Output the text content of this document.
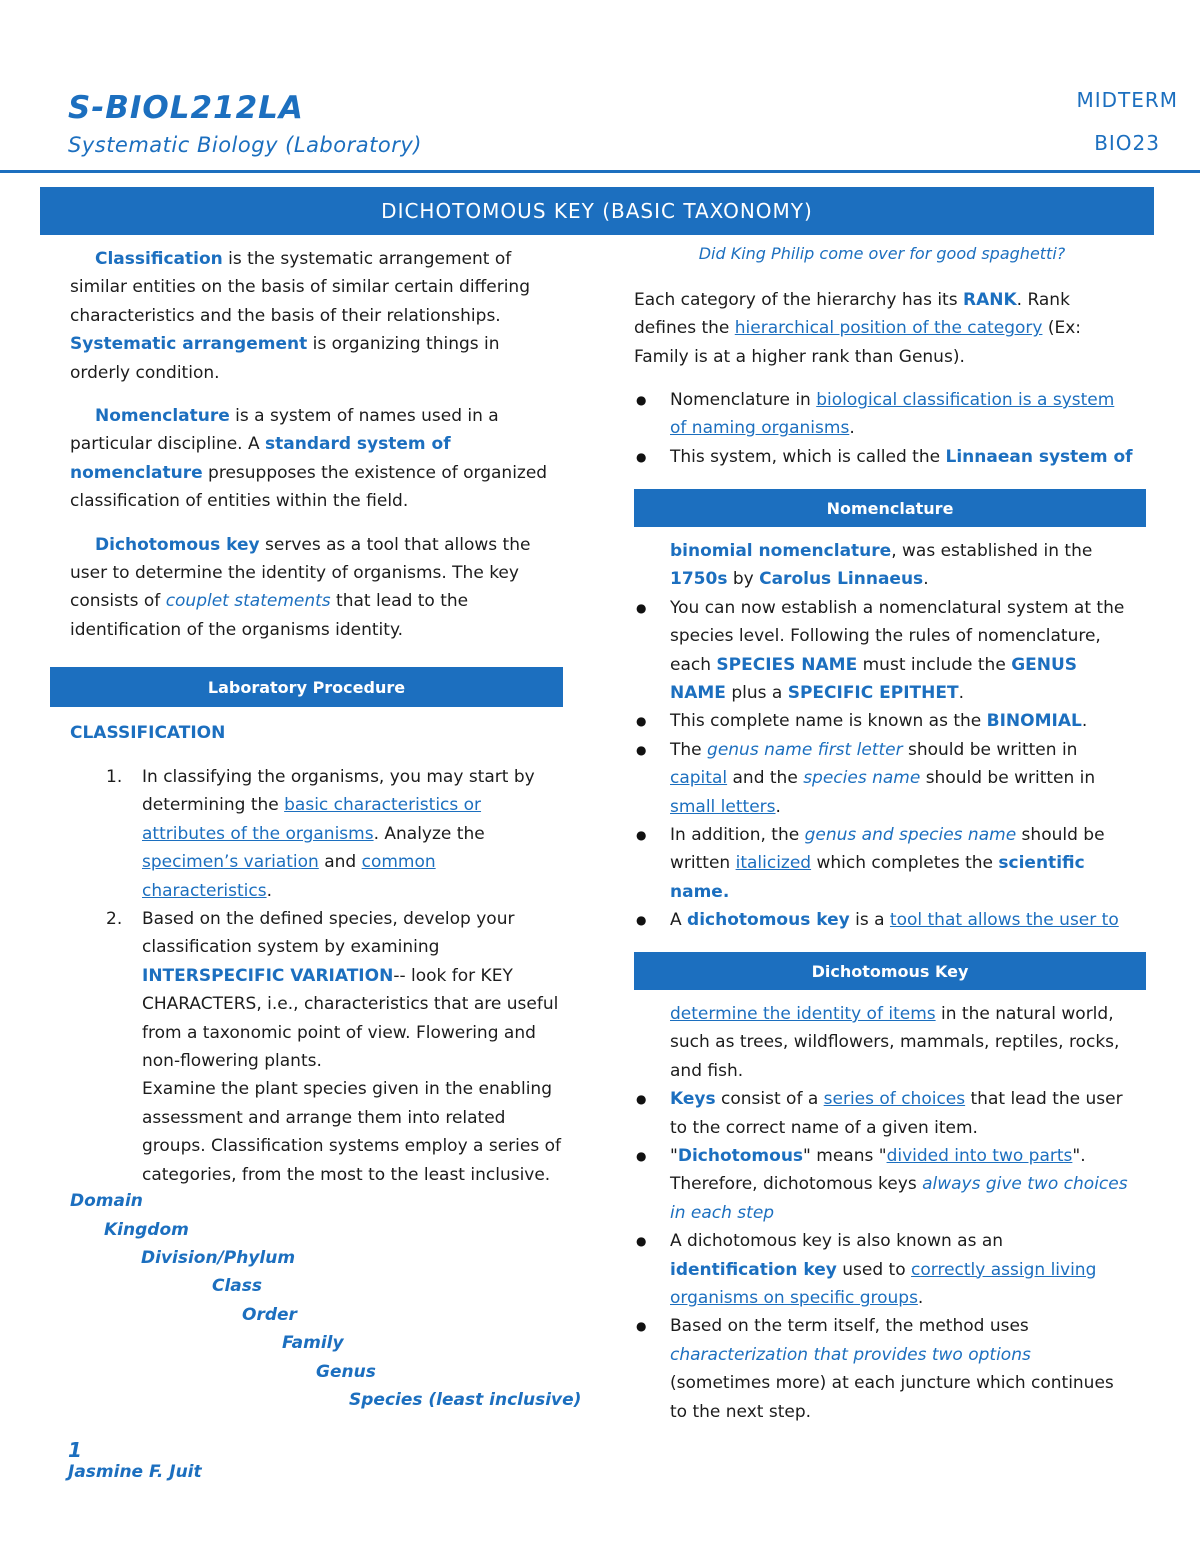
S-BIOL212LA
Systematic Biology (Laboratory)
MIDTERM
BIO23
DICHOTOMOUS KEY (BASIC TAXONOMY)

Classification is the systematic arrangement of similar entities on the basis of similar certain differing characteristics and the basis of their relationships. Systematic arrangement is organizing things in orderly condition.

Nomenclature is a system of names used in a particular discipline. A standard system of nomenclature presupposes the existence of organized classification of entities within the field.

Dichotomous key serves as a tool that allows the user to determine the identity of organisms. The key consists of couplet statements that lead to the identification of the organisms identity.

Laboratory Procedure
CLASSIFICATION
1. In classifying the organisms, you may start by determining the basic characteristics or attributes of the organisms. Analyze the specimen’s variation and common characteristics.
2. Based on the defined species, develop your classification system by examining INTERSPECIFIC VARIATION-- look for KEY CHARACTERS, i.e., characteristics that are useful from a taxonomic point of view. Flowering and non-flowering plants.
Examine the plant species given in the enabling assessment and arrange them into related groups. Classification systems employ a series of categories, from the most to the least inclusive.
Domain
Kingdom
Division/Phylum
Class
Order
Family
Genus
Species (least inclusive)
1
Jasmine F. Juit
Did King Philip come over for good spaghetti?
Each category of the hierarchy has its RANK. Rank defines the hierarchical position of the category (Ex: Family is at a higher rank than Genus).
● Nomenclature in biological classification is a system of naming organisms.
● This system, which is called the Linnaean system of
Nomenclature
binomial nomenclature, was established in the 1750s by Carolus Linnaeus.
● You can now establish a nomenclatural system at the species level. Following the rules of nomenclature, each SPECIES NAME must include the GENUS NAME plus a SPECIFIC EPITHET.
● This complete name is known as the BINOMIAL.
● The genus name first letter should be written in capital and the species name should be written in small letters.
● In addition, the genus and species name should be written italicized which completes the scientific name.
● A dichotomous key is a tool that allows the user to
Dichotomous Key
determine the identity of items in the natural world, such as trees, wildflowers, mammals, reptiles, rocks, and fish.
● Keys consist of a series of choices that lead the user to the correct name of a given item.
● "Dichotomous" means "divided into two parts". Therefore, dichotomous keys always give two choices in each step
● A dichotomous key is also known as an identification key used to correctly assign living organisms on specific groups.
● Based on the term itself, the method uses characterization that provides two options (sometimes more) at each juncture which continues to the next step.
